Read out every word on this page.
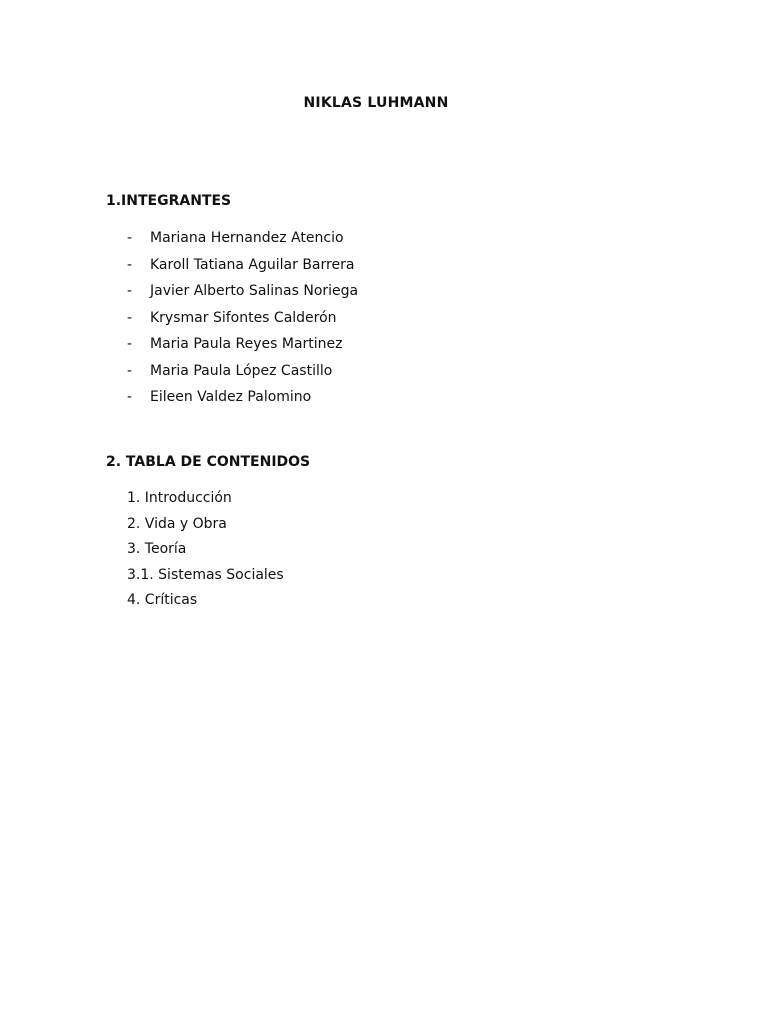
NIKLAS LUHMANN
1.INTEGRANTES
- Mariana Hernandez Atencio
- Karoll Tatiana Aguilar Barrera
- Javier Alberto Salinas Noriega
- Krysmar Sifontes Calderón
- Maria Paula Reyes Martinez
- Maria Paula López Castillo
- Eileen Valdez Palomino
2. TABLA DE CONTENIDOS
1. Introducción
2. Vida y Obra
3. Teoría
3.1. Sistemas Sociales
4. Críticas
